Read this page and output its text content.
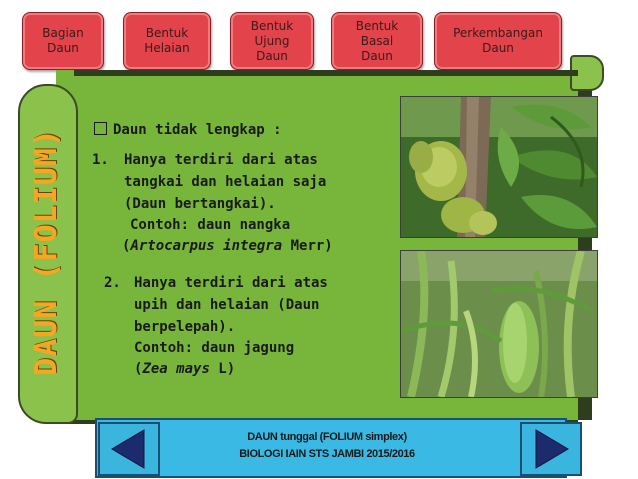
Bagian
Daun
Bentuk
Helaian
Bentuk
Ujung
Daun
Bentuk
Basal
Daun
Perkembangan
Daun
DAUN (FOLIUM)	Daun tidak lengkap :
1. Hanya terdiri dari atas
tangkai dan helaian saja
(Daun bertangkai).
Contoh: daun nangka
(Artocarpus integra Merr)
2. Hanya terdiri dari atas
upih dan helaian (Daun
berpelepah).
Contoh: daun jagung
(Zea mays L)
DAUN tunggal (FOLIUM simplex)
BIOLOGI IAIN STS JAMBI 2015/2016
